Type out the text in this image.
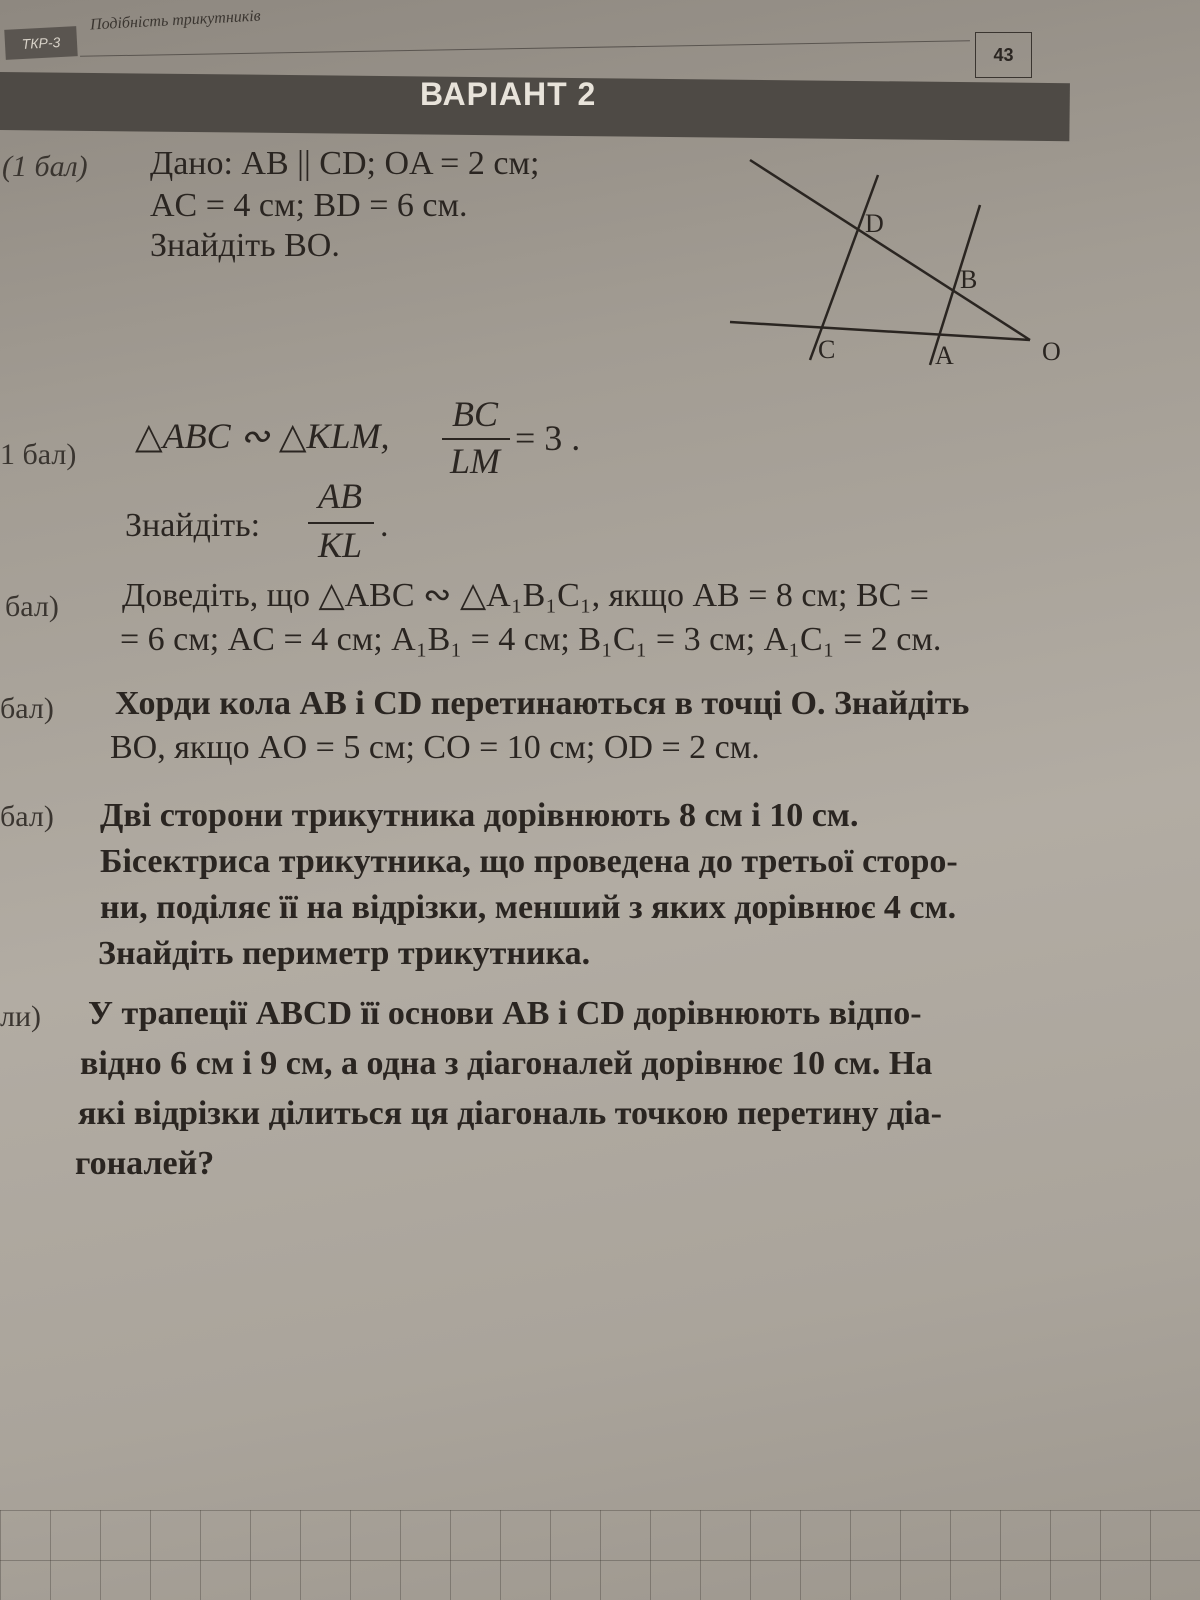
ТКР-3
Подібність трикутників
43
ВАРІАНТ 2
(1 бал) Дано: AB || CD; OA = 2 см;
AC = 4 см; BD = 6 см.
Знайдіть BO.
D
B
C	A	O
1 бал) △ABC ∾ △KLM,
BC
LM
= 3 .
Знайдіть:
AB
KL .
бал) Доведіть, що △ABC ∾ △A₁B₁C₁, якщо AB = 8 см; BC =
= 6 см; AC = 4 см; A₁B₁ = 4 см; B₁C₁ = 3 см; A₁C₁ = 2 см.
бал) Хорди кола AB і CD перетинаються в точці O. Знайдіть
BO, якщо AO = 5 см; CO = 10 см; OD = 2 см.
бал) Дві сторони трикутника дорівнюють 8 см і 10 см.
Бісектриса трикутника, що проведена до третьої сторо-
ни, поділяє її на відрізки, менший з яких дорівнює 4 см.
Знайдіть периметр трикутника.
ли) У трапеції ABCD її основи AB і CD дорівнюють відпо-
відно 6 см і 9 см, а одна з діагоналей дорівнює 10 см. На
які відрізки ділиться ця діагональ точкою перетину діа-
гоналей?
